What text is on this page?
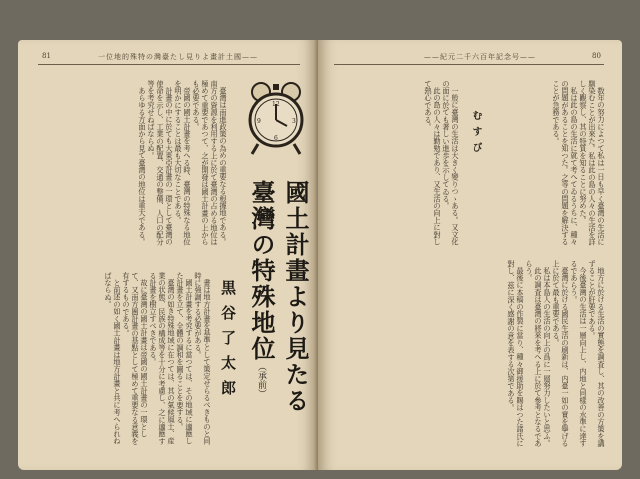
81	一位地的殊特の灣臺たし見りよ畫計土國——

臺灣は南進政策の為めの重要なる根據地である。南方の資源を利用する上に於て臺灣の占める地位は極めて重要であつて、之が開發は國土計畫の上からも必要である。

帝國の國土計畫を考へる時、臺灣の特殊なる地位を明かにすることは最も大切なことである。

計畫の中に於ても大東亞計畫の一環として臺灣の使命を示し、工業の配置、交通の整備、人口の配分等を考究せねばならぬ。

あらゆる方面から見て臺灣の地位は重大である。	12
3
6
9
國土計畫より見たる
臺灣の特殊地位（承前）
黒谷了太郎

畫は地方計畫を基準として策定せらるべきものと同時に強調する必要がある。

國土計畫を考究するに當つては、その地域に適應した計畫を立て、全體の調和を圖ることを要する。

臺灣の如き特殊地域に在つては、其の氣候風土、産業の状態、民族の構成等を十分に考慮し、之に適應する計畫を樹立すべきである。

故に臺灣の國土計畫は帝國の國土計畫の一環として、又南方圏計畫の基點として極めて重要なる意義を有するものである。

と前述の如く國土計畫は地方計畫と共に考へられねばならぬ。

80
——紀元二千六百年記念号——

一般に臺灣の生活は大きく變りつゝある。又文化の面に於ても著しい進歩を示してゐる。

此の島の人々は勤勉であり、又生活の向上に對して熱心である。

むすび	数年の努力によつて私は一日も早く臺灣の生活に馴染むことが出來た。私は此の島の人々の生活を詳しく觀察し、其の特質を知ることに努めた。

私は此の島の生活に就て考へてゐるうちに、種々の問題があることを知つた。之等の問題を解決することが急務である。

地方に於ける生活の實態を調査し、其の改善の方策を講ずることが肝要である。

今後臺灣の生活は一層向上し、内地と同樣の水準に達するであらう。

臺灣に於ける國民生活の刷新は、内臺一如の實を擧げる上に於て最も重要である。

私は本島人の生活の向上の爲に一層努力したいと思ふ。

此の調査は臺灣の將來を考へる上に於て參考となるであらう。

最後に本稿の作製に當り、種々御援助を賜はつた諸氏に對し、茲に深く感謝の意を表する次第である。
